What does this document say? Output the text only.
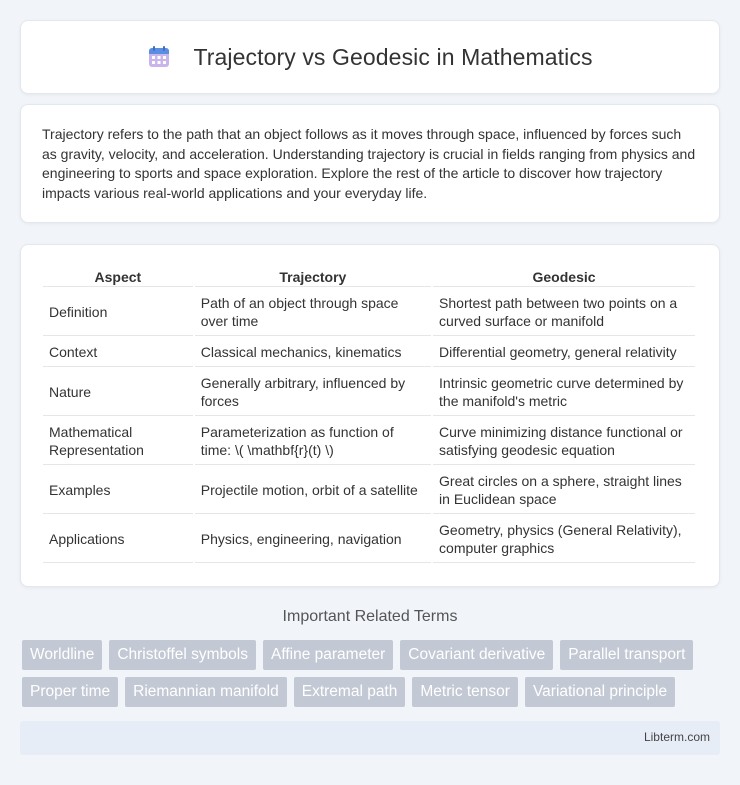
Trajectory vs Geodesic in Mathematics

Trajectory refers to the path that an object follows as it moves through space, influenced by forces such as gravity, velocity, and acceleration. Understanding trajectory is crucial in fields ranging from physics and engineering to sports and space exploration. Explore the rest of the article to discover how trajectory impacts various real-world applications and your everyday life.

Aspect	Trajectory	Geodesic
Definition	Path of an object through space over time	Shortest path between two points on a curved surface or manifold
Context	Classical mechanics, kinematics	Differential geometry, general relativity
Nature	Generally arbitrary, influenced by forces	Intrinsic geometric curve determined by the manifold's metric
Mathematical Representation	Parameterization as function of time: \( \mathbf{r}(t) \)	Curve minimizing distance functional or satisfying geodesic equation
Examples	Projectile motion, orbit of a satellite	Great circles on a sphere, straight lines in Euclidean space
Applications	Physics, engineering, navigation	Geometry, physics (General Relativity), computer graphics
Important Related Terms
Worldline	Christoffel symbols	Affine parameter	Covariant derivative	Parallel transport
Proper time	Riemannian manifold	Extremal path	Metric tensor	Variational principle
Libterm.com
